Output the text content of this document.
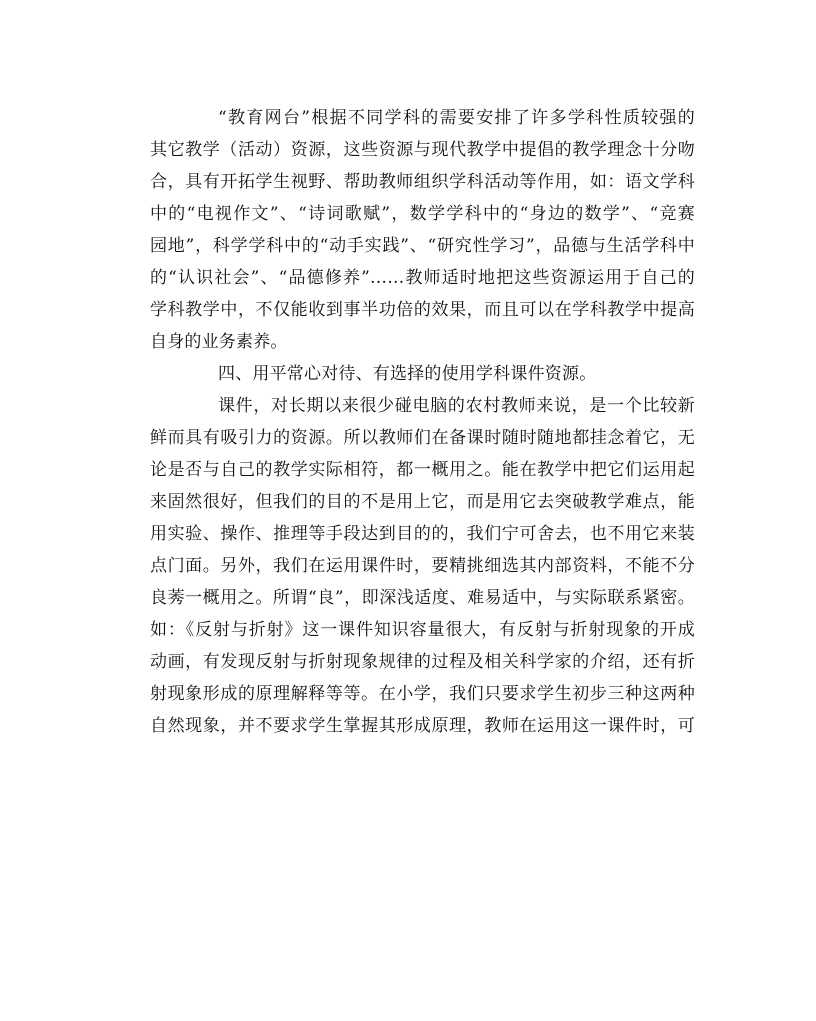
“教育网台”根据不同学科的需要安排了许多学科性质较强的
其它教学（活动）资源，这些资源与现代教学中提倡的教学理念十分吻
合，具有开拓学生视野、帮助教师组织学科活动等作用，如：语文学科
中的“电视作文”、“诗词歌赋”，数学学科中的“身边的数学”、“竞赛
园地”，科学学科中的“动手实践”、“研究性学习”，品德与生活学科中
的“认识社会”、“品德修养”……教师适时地把这些资源运用于自己的
学科教学中，不仅能收到事半功倍的效果，而且可以在学科教学中提高
自身的业务素养。
四、用平常心对待、有选择的使用学科课件资源。
课件，对长期以来很少碰电脑的农村教师来说，是一个比较新
鲜而具有吸引力的资源。所以教师们在备课时随时随地都挂念着它，无
论是否与自己的教学实际相符，都一概用之。能在教学中把它们运用起
来固然很好，但我们的目的不是用上它，而是用它去突破教学难点，能
用实验、操作、推理等手段达到目的的，我们宁可舍去，也不用它来装
点门面。另外，我们在运用课件时，要精挑细选其内部资料，不能不分
良莠一概用之。所谓“良”，即深浅适度、难易适中，与实际联系紧密。
如：《反射与折射》这一课件知识容量很大，有反射与折射现象的开成
动画，有发现反射与折射现象规律的过程及相关科学家的介绍，还有折
射现象形成的原理解释等等。在小学，我们只要求学生初步三种这两种
自然现象，并不要求学生掌握其形成原理，教师在运用这一课件时，可
